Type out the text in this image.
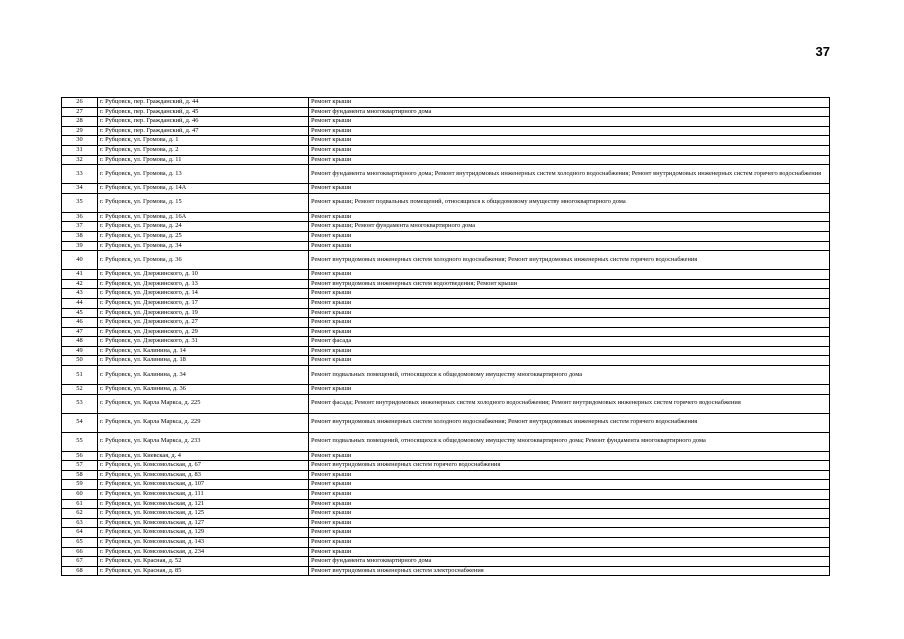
37
26	г. Рубцовск, пер. Гражданский, д. 44	Ремонт крыши
27	г. Рубцовск, пер. Гражданский, д. 45	Ремонт фундамента многоквартирного дома
28	г. Рубцовск, пер. Гражданский, д. 46	Ремонт крыши
29	г. Рубцовск, пер. Гражданский, д. 47	Ремонт крыши
30	г. Рубцовск, ул. Громова, д. 1	Ремонт крыши
31	г. Рубцовск, ул. Громова, д. 2	Ремонт крыши
32	г. Рубцовск, ул. Громова, д. 11	Ремонт крыши
33	г. Рубцовск, ул. Громова, д. 13	Ремонт фундамента многоквартирного дома; Ремонт внутридомовых инженерных систем холодного водоснабжения; Ремонт внутридомовых инженерных систем горячего водоснабжения
34	г. Рубцовск, ул. Громова, д. 14А	Ремонт крыши
35	г. Рубцовск, ул. Громова, д. 15	Ремонт крыши; Ремонт подвальных помещений, относящихся к общедомовому имуществу многоквартирного дома
36	г. Рубцовск, ул. Громова, д. 16А	Ремонт крыши
37	г. Рубцовск, ул. Громова, д. 24	Ремонт крыши; Ремонт фундамента многоквартирного дома
38	г. Рубцовск, ул. Громова, д. 25	Ремонт крыши
39	г. Рубцовск, ул. Громова, д. 34	Ремонт крыши
40	г. Рубцовск, ул. Громова, д. 36	Ремонт внутридомовых инженерных систем холодного водоснабжения; Ремонт внутридомовых инженерных систем горячего водоснабжения
41	г. Рубцовск, ул. Дзержинского, д. 10	Ремонт крыши
42	г. Рубцовск, ул. Дзержинского, д. 13	Ремонт внутридомовых инженерных систем водоотведения; Ремонт крыши
43	г. Рубцовск, ул. Дзержинского, д. 14	Ремонт крыши
44	г. Рубцовск, ул. Дзержинского, д. 17	Ремонт крыши
45	г. Рубцовск, ул. Дзержинского, д. 19	Ремонт крыши
46	г. Рубцовск, ул. Дзержинского, д. 27	Ремонт крыши
47	г. Рубцовск, ул. Дзержинского, д. 29	Ремонт крыши
48	г. Рубцовск, ул. Дзержинского, д. 31	Ремонт фасада
49	г. Рубцовск, ул. Калинина, д. 14	Ремонт крыши
50	г. Рубцовск, ул. Калинина, д. 18	Ремонт крыши
51	г. Рубцовск, ул. Калинина, д. 34	Ремонт подвальных помещений, относящихся к общедомовому имуществу многоквартирного дома
52	г. Рубцовск, ул. Калинина, д. 36	Ремонт крыши
53	г. Рубцовск, ул. Карла Маркса, д. 225	Ремонт фасада; Ремонт внутридомовых инженерных систем холодного водоснабжения; Ремонт внутридомовых инженерных систем горячего водоснабжения
54	г. Рубцовск, ул. Карла Маркса, д. 229	Ремонт внутридомовых инженерных систем холодного водоснабжения; Ремонт внутридомовых инженерных систем горячего водоснабжения
55	г. Рубцовск, ул. Карла Маркса, д. 233	Ремонт подвальных помещений, относящихся к общедомовому имуществу многоквартирного дома; Ремонт фундамента многоквартирного дома
56	г. Рубцовск, ул. Киевская, д. 4	Ремонт крыши
57	г. Рубцовск, ул. Комсомольская, д. 67	Ремонт внутридомовых инженерных систем горячего водоснабжения
58	г. Рубцовск, ул. Комсомольская, д. 83	Ремонт крыши
59	г. Рубцовск, ул. Комсомольская, д. 107	Ремонт крыши
60	г. Рубцовск, ул. Комсомольская, д. 111	Ремонт крыши
61	г. Рубцовск, ул. Комсомольская, д. 121	Ремонт крыши
62	г. Рубцовск, ул. Комсомольская, д. 125	Ремонт крыши
63	г. Рубцовск, ул. Комсомольская, д. 127	Ремонт крыши
64	г. Рубцовск, ул. Комсомольская, д. 129	Ремонт крыши
65	г. Рубцовск, ул. Комсомольская, д. 143	Ремонт крыши
66	г. Рубцовск, ул. Комсомольская, д. 234	Ремонт крыши
67	г. Рубцовск, ул. Красная, д. 52	Ремонт фундамента многоквартирного дома
68	г. Рубцовск, ул. Красная, д. 85	Ремонт внутридомовых инженерных систем электроснабжения
